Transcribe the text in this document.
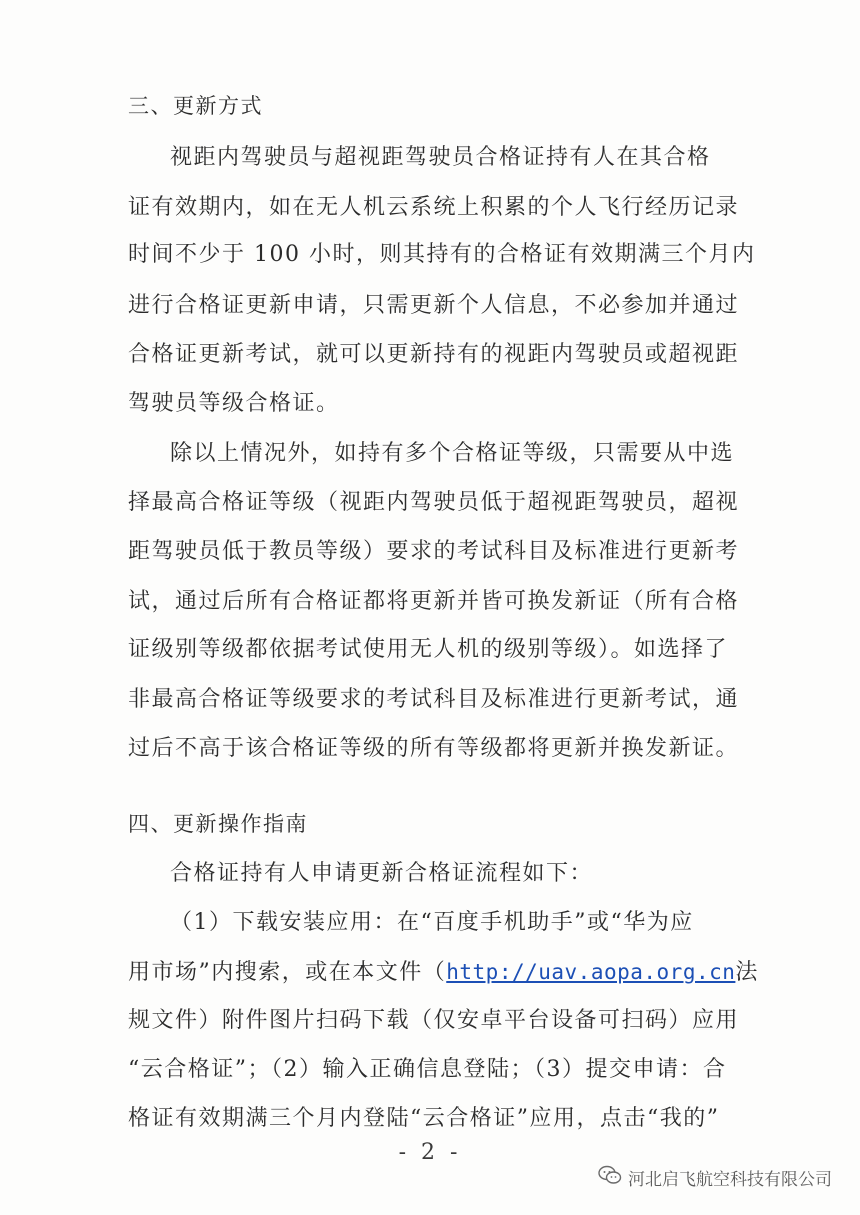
三、更新方式

视距内驾驶员与超视距驾驶员合格证持有人在其合格

证有效期内，如在无人机云系统上积累的个人飞行经历记录

时间不少于 100 小时，则其持有的合格证有效期满三个月内

进行合格证更新申请，只需更新个人信息，不必参加并通过

合格证更新考试，就可以更新持有的视距内驾驶员或超视距

驾驶员等级合格证。

除以上情况外，如持有多个合格证等级，只需要从中选

择最高合格证等级（视距内驾驶员低于超视距驾驶员，超视

距驾驶员低于教员等级）要求的考试科目及标准进行更新考

试，通过后所有合格证都将更新并皆可换发新证（所有合格

证级别等级都依据考试使用无人机的级别等级）。如选择了

非最高合格证等级要求的考试科目及标准进行更新考试，通

过后不高于该合格证等级的所有等级都将更新并换发新证。

四、更新操作指南

合格证持有人申请更新合格证流程如下：

（1）下载安装应用：在“百度手机助手”或“华为应

用市场”内搜索，或在本文件（http://uav.aopa.org.cn法

规文件）附件图片扫码下载（仅安卓平台设备可扫码）应用

“云合格证”；（2）输入正确信息登陆；（3）提交申请：合

格证有效期满三个月内登陆“云合格证”应用，点击“我的”

- 2 -
河北启飞航空科技有限公司
